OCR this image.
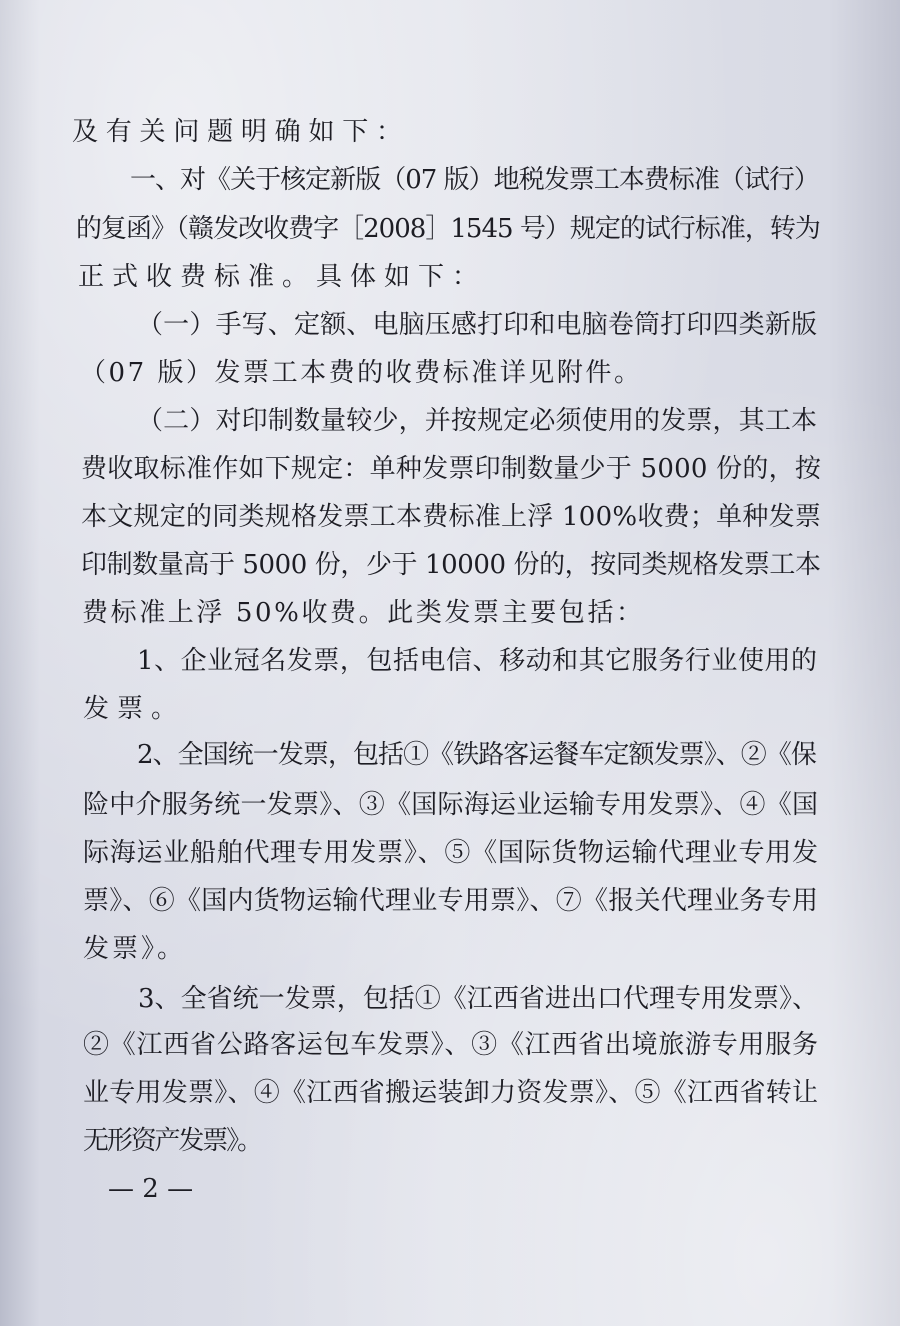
及有关问题明确如下：
一、对《关于核定新版（07 版）地税发票工本费标准（试行）
的复函》（赣发改收费字［2008］1545 号）规定的试行标准，转为
正式收费标准。具体如下：
（一）手写、定额、电脑压感打印和电脑卷筒打印四类新版
（07 版）发票工本费的收费标准详见附件。
（二）对印制数量较少，并按规定必须使用的发票，其工本
费收取标准作如下规定：单种发票印制数量少于 5000 份的，按
本文规定的同类规格发票工本费标准上浮 100%收费；单种发票
印制数量高于 5000 份，少于 10000 份的，按同类规格发票工本
费标准上浮 50%收费。此类发票主要包括：
1、企业冠名发票，包括电信、移动和其它服务行业使用的
发票。
2、全国统一发票，包括①《铁路客运餐车定额发票》、②《保
险中介服务统一发票》、③《国际海运业运输专用发票》、④《国
际海运业船舶代理专用发票》、⑤《国际货物运输代理业专用发
票》、⑥《国内货物运输代理业专用票》、⑦《报关代理业务专用
发票》。
3、全省统一发票，包括①《江西省进出口代理专用发票》、
②《江西省公路客运包车发票》、③《江西省出境旅游专用服务
业专用发票》、④《江西省搬运装卸力资发票》、⑤《江西省转让
无形资产发票》。
— 2 —
